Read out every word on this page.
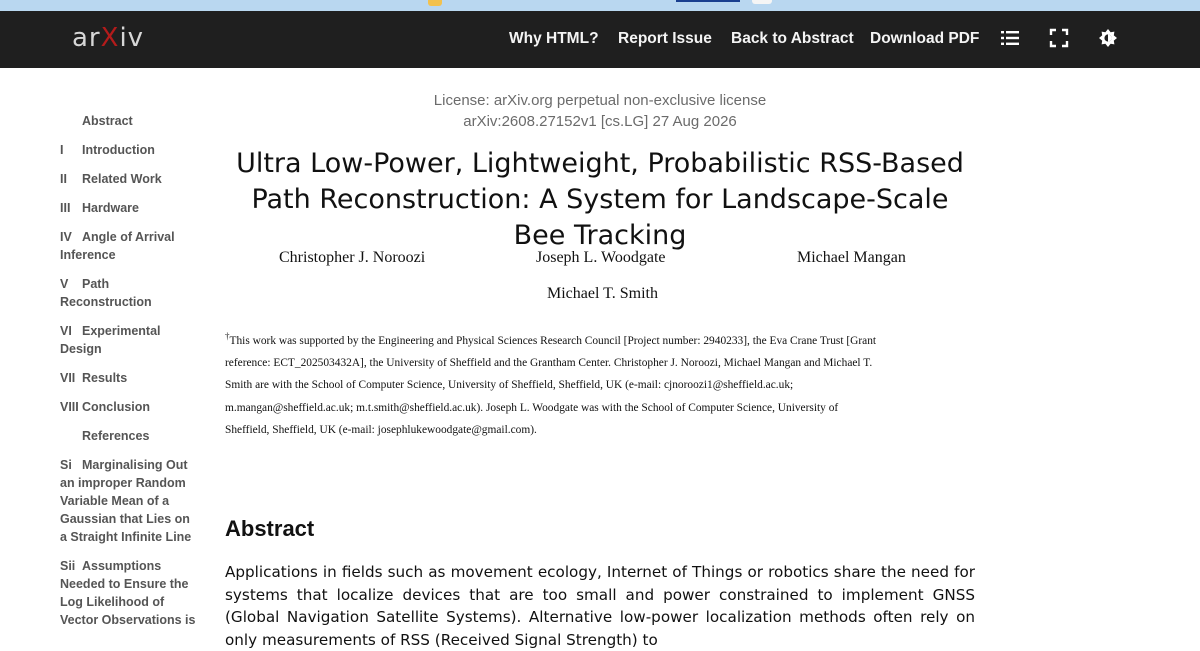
arXiv	Why HTML? Report Issue Back to Abstract Download PDF
Abstract
I Introduction
II Related Work
III Hardware
IV Angle of Arrival Inference
V Path Reconstruction
VI Experimental Design
VII Results
VIII Conclusion
References
Si Marginalising Out an improper Random Variable Mean of a Gaussian that Lies on a Straight Infinite Line
Sii Assumptions Needed to Ensure the Log Likelihood of Vector Observations is
License: arXiv.org perpetual non-exclusive license
arXiv:2608.27152v1 [cs.LG] 27 Aug 2026
Ultra Low-Power, Lightweight, Probabilistic RSS-Based Path Reconstruction: A System for Landscape-Scale Bee Tracking
Christopher J. Noroozi	Joseph L. Woodgate	Michael Mangan
Michael T. Smith
†This work was supported by the Engineering and Physical Sciences Research Council [Project number: 2940233], the Eva Crane Trust [Grant reference: ECT_202503432A], the University of Sheffield and the Grantham Center. Christopher J. Noroozi, Michael Mangan and Michael T. Smith are with the School of Computer Science, University of Sheffield, Sheffield, UK (e-mail: cjnoroozi1@sheffield.ac.uk; m.mangan@sheffield.ac.uk; m.t.smith@sheffield.ac.uk). Joseph L. Woodgate was with the School of Computer Science, University of Sheffield, Sheffield, UK (e-mail: josephlukewoodgate@gmail.com).
Abstract
Applications in fields such as movement ecology, Internet of Things or robotics share the need for systems that localize devices that are too small and power constrained to implement GNSS (Global Navigation Satellite Systems). Alternative low-power localization methods often rely on only measurements of RSS (Received Signal Strength) to
